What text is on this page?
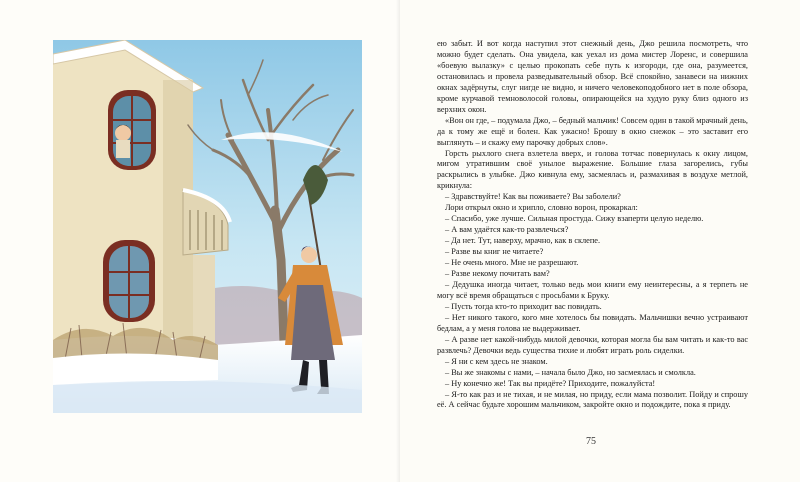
ею забыт. И вот когда наступил этот снежный день, Джо решила посмотреть, что можно будет сделать. Она увидела, как уехал из дома мистер Лоренс, и совершила «боевую вылазку» с целью прокопать себе путь к изгороди, где она, разумеется, остановилась и провела разведывательный обзор. Всё спокойно, занавеси на нижних окнах задёрнуты, слуг нигде не видно, и ничего человекоподобного нет в поле обзора, кроме курчавой темноволосой головы, опирающейся на худую руку близ одного из верхних окон.

«Вон он где, – подумала Джо, – бедный мальчик! Совсем один в такой мрачный день, да к тому же ещё и болен. Как ужасно! Брошу в окно снежок – это заставит его выглянуть – и скажу ему парочку добрых слов».

Горсть рыхлого снега взлетела вверх, и голова тотчас повернулась к окну лицом, мигом утратившим своё унылое выражение. Большие глаза загорелись, губы раскрылись в улыбке. Джо кивнула ему, засмеялась и, размахивая в воздухе метлой, крикнула:

– Здравствуйте! Как вы поживаете? Вы заболели?

Лори открыл окно и хрипло, словно ворон, прокаркал:

– Спасибо, уже лучше. Сильная простуда. Сижу взаперти целую неделю.

– А вам удаётся как-то развлечься?

– Да нет. Тут, наверху, мрачно, как в склепе.

– Разве вы книг не читаете?

– Не очень много. Мне не разрешают.

– Разве некому почитать вам?

– Дедушка иногда читает, только ведь мои книги ему неинтересны, а я терпеть не могу всё время обращаться с просьбами к Бруку.

– Пусть тогда кто-то приходит вас повидать.

– Нет никого такого, кого мне хотелось бы повидать. Мальчишки вечно устраивают бедлам, а у меня голова не выдерживает.

– А разве нет какой-нибудь милой девочки, которая могла бы вам читать и как-то вас развлечь? Девочки ведь существа тихие и любят играть роль сиделки.

– Я ни с кем здесь не знаком.

– Вы же знакомы с нами, – начала было Джо, но засмеялась и смолкла.

– Ну конечно же! Так вы придёте? Приходите, пожалуйста!

– Я-то как раз и не тихая, и не милая, но приду, если мама позволит. Пойду и спрошу её. А сейчас будьте хорошим мальчиком, закройте окно и подождите, пока я приду.

75
